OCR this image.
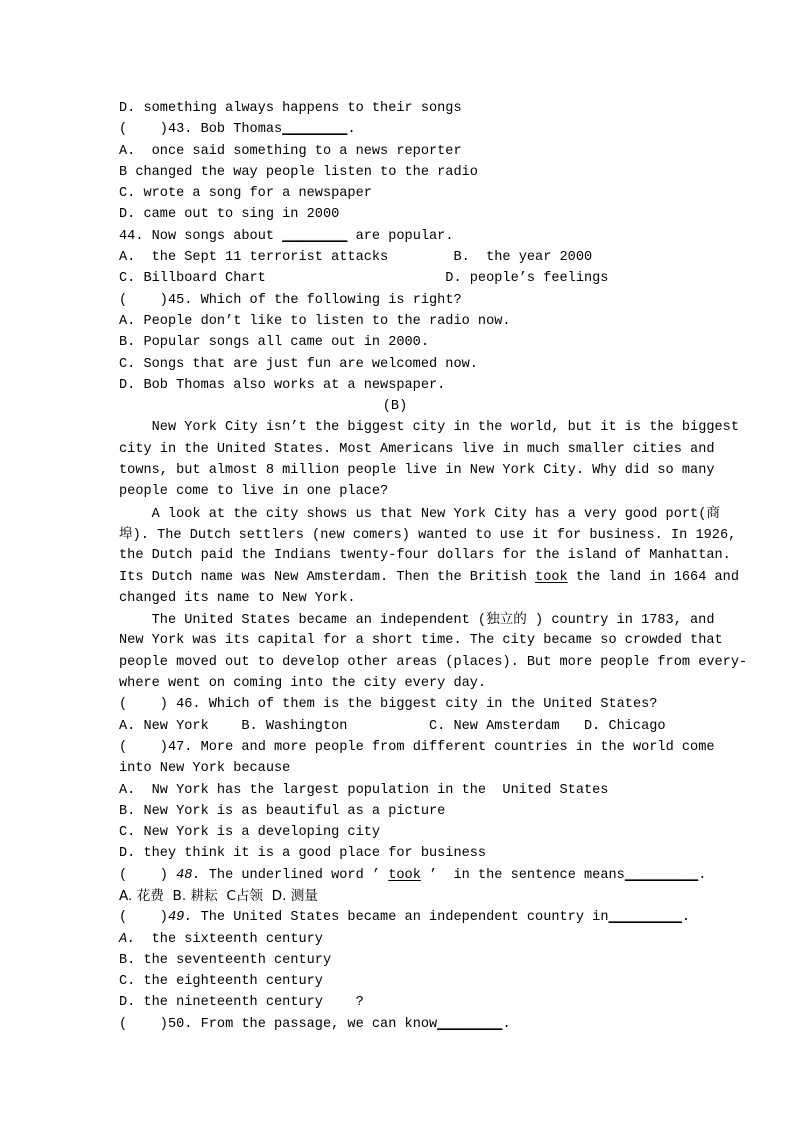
D. something always happens to their songs
(    )43. Bob Thomas________.
A.  once said something to a news reporter
B changed the way people listen to the radio
C. wrote a song for a newspaper
D. came out to sing in 2000
44. Now songs about ________ are popular.
A.  the Sept 11 terrorist attacks        B.  the year 2000
C. Billboard Chart                      D. people’s feelings
(    )45. Which of the following is right?
A. People don’t like to listen to the radio now.
B. Popular songs all came out in 2000.
C. Songs that are just fun are welcomed now.
D. Bob Thomas also works at a newspaper.
(B)
New York City isn’t the biggest city in the world, but it is the biggest
city in the United States. Most Americans live in much smaller cities and
towns, but almost 8 million people live in New York City. Why did so many
people come to live in one place?
A look at the city shows us that New York City has a very good port(商
埠). The Dutch settlers (new comers) wanted to use it for business. In 1926,
the Dutch paid the Indians twenty-four dollars for the island of Manhattan.
Its Dutch name was New Amsterdam. Then the British took the land in 1664 and
changed its name to New York.
The United States became an independent (独立的 ) country in 1783, and
New York was its capital for a short time. The city became so crowded that
people moved out to develop other areas (places). But more people from every-
where went on coming into the city every day.
(    ) 46. Which of them is the biggest city in the United States?
A. New York    B. Washington          C. New Amsterdam   D. Chicago
(    )47. More and more people from different countries in the world come
into New York because
A.  Nw York has the largest population in the  United States
B. New York is as beautiful as a picture
C. New York is a developing city
D. they think it is a good place for business
(    ) 48. The underlined word ’ took ’  in the sentence means_________.
A. 花费  B. 耕耘  C占领  D. 测量
(    )49. The United States became an independent country in_________.
A.  the sixteenth century
B. the seventeenth century
C. the eighteenth century
D. the nineteenth century    ?
(    )50. From the passage, we can know________.
